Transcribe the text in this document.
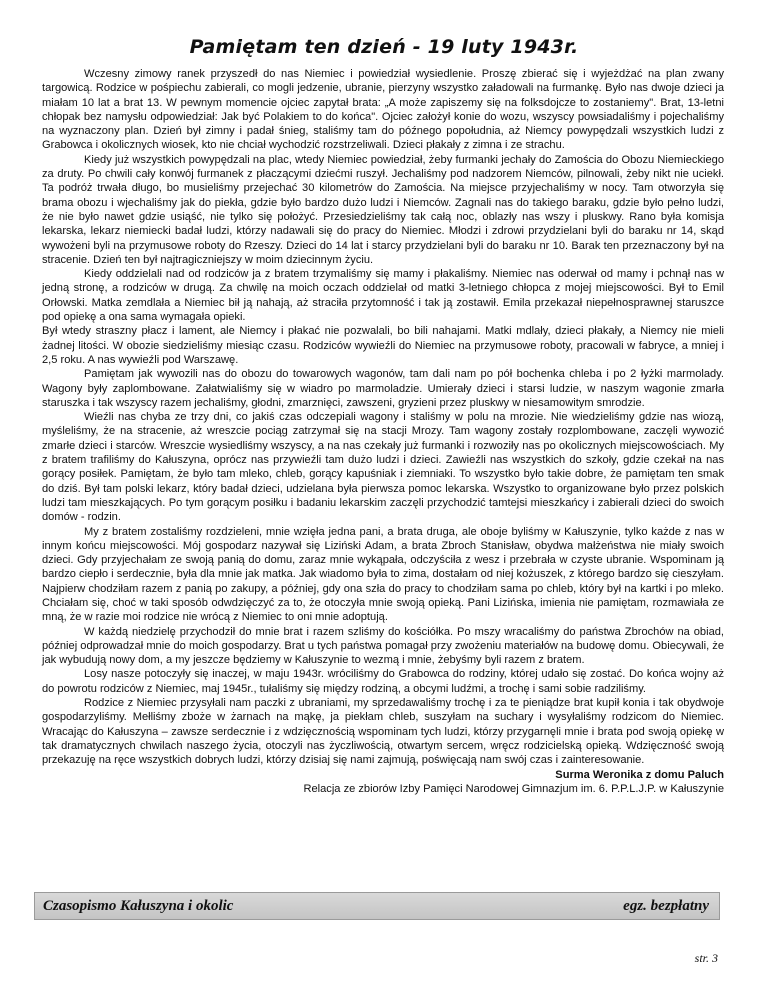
Pamiętam ten dzień - 19 luty 1943r.

Wczesny zimowy ranek przyszedł do nas Niemiec i powiedział wysiedlenie. Proszę zbierać się i wyjeżdżać na plan zwany targowicą. Rodzice w pośpiechu zabierali, co mogli jedzenie, ubranie, pierzyny wszystko załadowali na furmankę. Było nas dwoje dzieci ja miałam 10 lat a brat 13. W pewnym momencie ojciec zapytał brata: „A może zapiszemy się na folksdojcze to zostaniemy". Brat, 13-letni chłopak bez namysłu odpowiedział: Jak być Polakiem to do końca". Ojciec założył konie do wozu, wszyscy powsiadaliśmy i pojechaliśmy na wyznaczony plan. Dzień był zimny i padał śnieg, staliśmy tam do późnego popołudnia, aż Niemcy powypędzali wszystkich ludzi z Grabowca i okolicznych wiosek, kto nie chciał wychodzić rozstrzeliwali. Dzieci płakały z zimna i ze strachu.

Kiedy już wszystkich powypędzali na plac, wtedy Niemiec powiedział, żeby furmanki jechały do Zamościa do Obozu Niemieckiego za druty. Po chwili cały konwój furmanek z płaczącymi dziećmi ruszył. Jechaliśmy pod nadzorem Niemców, pilnowali, żeby nikt nie uciekł. Ta podróż trwała długo, bo musieliśmy przejechać 30 kilometrów do Zamościa. Na miejsce przyjechaliśmy w nocy. Tam otworzyła się brama obozu i wjechaliśmy jak do piekła, gdzie było bardzo dużo ludzi i Niemców. Zagnali nas do takiego baraku, gdzie było pełno ludzi, że nie było nawet gdzie usiąść, nie tylko się położyć. Przesiedzieliśmy tak całą noc, oblazły nas wszy i pluskwy. Rano była komisja lekarska, lekarz niemiecki badał ludzi, którzy nadawali się do pracy do Niemiec. Młodzi i zdrowi przydzielani byli do baraku nr 14, skąd wywożeni byli na przymusowe roboty do Rzeszy. Dzieci do 14 lat i starcy przydzielani byli do baraku nr 10. Barak ten przeznaczony był na stracenie. Dzień ten był najtragiczniejszy w moim dziecinnym życiu.

Kiedy oddzielali nad od rodziców ja z bratem trzymaliśmy się mamy i płakaliśmy. Niemiec nas oderwał od mamy i pchnął nas w jedną stronę, a rodziców w drugą. Za chwilę na moich oczach oddzielał od matki 3-letniego chłopca z mojej miejscowości. Był to Emil Orłowski. Matka zemdlała a Niemiec bił ją nahają, aż straciła przytomność i tak ją zostawił. Emila przekazał niepełnosprawnej staruszce pod opiekę a ona sama wymagała opieki.

Był wtedy straszny płacz i lament, ale Niemcy i płakać nie pozwalali, bo bili nahajami. Matki mdlały, dzieci płakały, a Niemcy nie mieli żadnej litości. W obozie siedzieliśmy miesiąc czasu. Rodziców wywieźli do Niemiec na przymusowe roboty, pracowali w fabryce, a mniej i 2,5 roku. A nas wywieźli pod Warszawę.

Pamiętam jak wywozili nas do obozu do towarowych wagonów, tam dali nam po pół bochenka chleba i po 2 łyżki marmolady. Wagony były zaplombowane. Załatwialiśmy się w wiadro po marmoladzie. Umierały dzieci i starsi ludzie, w naszym wagonie zmarła staruszka i tak wszyscy razem jechaliśmy, głodni, zmarznięci, zawszeni, gryzieni przez pluskwy w niesamowitym smrodzie.

Wieźli nas chyba ze trzy dni, co jakiś czas odczepiali wagony i staliśmy w polu na mrozie. Nie wiedzieliśmy gdzie nas wiozą, myśleliśmy, że na stracenie, aż wreszcie pociąg zatrzymał się na stacji Mrozy. Tam wagony zostały rozplombowane, zaczęli wywozić zmarłe dzieci i starców. Wreszcie wysiedliśmy wszyscy, a na nas czekały już furmanki i rozwoziły nas po okolicznych miejscowościach. My z bratem trafiliśmy do Kałuszyna, oprócz nas przywieźli tam dużo ludzi i dzieci. Zawieźli nas wszystkich do szkoły, gdzie czekał na nas gorący posiłek. Pamiętam, że było tam mleko, chleb, gorący kapuśniak i ziemniaki. To wszystko było takie dobre, że pamiętam ten smak do dziś. Był tam polski lekarz, który badał dzieci, udzielana była pierwsza pomoc lekarska. Wszystko to organizowane było przez polskich ludzi tam mieszkających. Po tym gorącym posiłku i badaniu lekarskim zaczęli przychodzić tamtejsi mieszkańcy i zabierali dzieci do swoich domów - rodzin.

My z bratem zostaliśmy rozdzieleni, mnie wzięła jedna pani, a brata druga, ale oboje byliśmy w Kałuszynie, tylko każde z nas w innym końcu miejscowości. Mój gospodarz nazywał się Liziński Adam, a brata Zbroch Stanisław, obydwa małżeństwa nie miały swoich dzieci. Gdy przyjechałam ze swoją panią do domu, zaraz mnie wykąpała, odczyściła z wesz i przebrała w czyste ubranie. Wspominam ją bardzo ciepło i serdecznie, była dla mnie jak matka. Jak wiadomo była to zima, dostałam od niej kożuszek, z którego bardzo się cieszyłam. Najpierw chodziłam razem z panią po zakupy, a później, gdy ona szła do pracy to chodziłam sama po chleb, który był na kartki i po mleko. Chciałam się, choć w taki sposób odwdzięczyć za to, że otoczyła mnie swoją opieką. Pani Lizińska, imienia nie pamiętam, rozmawiała ze mną, że w razie moi rodzice nie wrócą z Niemiec to oni mnie adoptują.

W każdą niedzielę przychodził do mnie brat i razem szliśmy do kościółka. Po mszy wracaliśmy do państwa Zbrochów na obiad, później odprowadzał mnie do moich gospodarzy. Brat u tych państwa pomagał przy zwożeniu materiałów na budowę domu. Obiecywali, że jak wybudują nowy dom, a my jeszcze będziemy w Kałuszynie to wezmą i mnie, żebyśmy byli razem z bratem.

Losy nasze potoczyły się inaczej, w maju 1943r. wróciliśmy do Grabowca do rodziny, której udało się zostać. Do końca wojny aż do powrotu rodziców z Niemiec, maj 1945r., tułaliśmy się między rodziną, a obcymi ludźmi, a trochę i sami sobie radziliśmy.

Rodzice z Niemiec przysyłali nam paczki z ubraniami, my sprzedawaliśmy trochę i za te pieniądze brat kupił konia i tak obydwoje gospodarzyliśmy. Mełliśmy zboże w żarnach na mąkę, ja piekłam chleb, suszyłam na suchary i wysyłaliśmy rodzicom do Niemiec. Wracając do Kałuszyna – zawsze serdecznie i z wdzięcznością wspominam tych ludzi, którzy przygarnęli mnie i brata pod swoją opiekę w tak dramatycznych chwilach naszego życia, otoczyli nas życzliwością, otwartym sercem, wręcz rodzicielską opieką. Wdzięczność swoją przekazuję na ręce wszystkich dobrych ludzi, którzy dzisiaj się nami zajmują, poświęcają nam swój czas i zainteresowanie.

Surma Weronika z domu Paluch

Relacja ze zbiorów Izby Pamięci Narodowej Gimnazjum im. 6. P.P.L.J.P. w Kałuszynie

Czasopismo Kałuszyna i okolic	egz. bezpłatny
str. 3
